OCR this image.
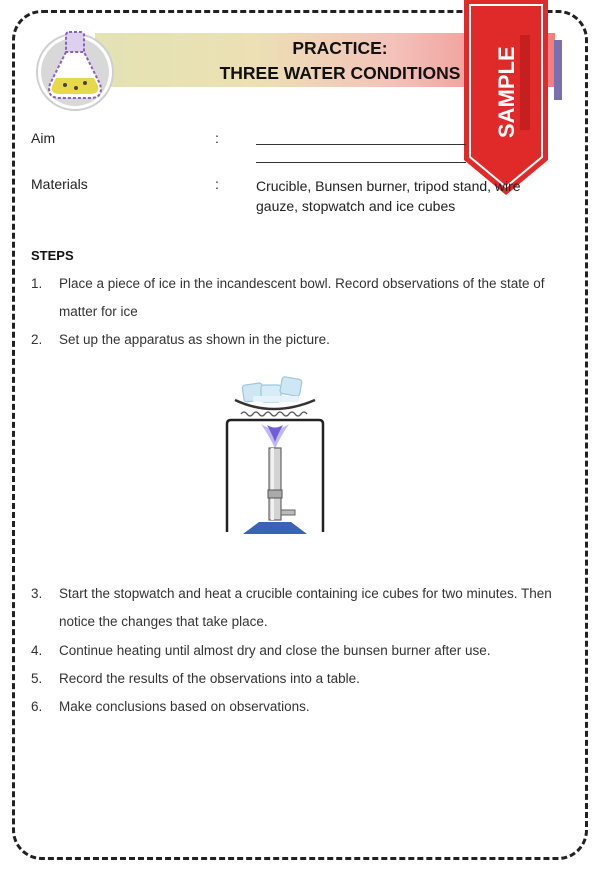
PRACTICE:
THREE WATER CONDITIONS	SAMPLE
Aim	:
Materials	:	Crucible, Bunsen burner, tripod stand, wire gauze, stopwatch and ice cubes
STEPS
1. Place a piece of ice in the incandescent bowl. Record observations of the state of matter for ice
2. Set up the apparatus as shown in the picture.
3. Start the stopwatch and heat a crucible containing ice cubes for two minutes. Then notice the changes that take place.
4. Continue heating until almost dry and close the bunsen burner after use.
5. Record the results of the observations into a table.
6. Make conclusions based on observations.
